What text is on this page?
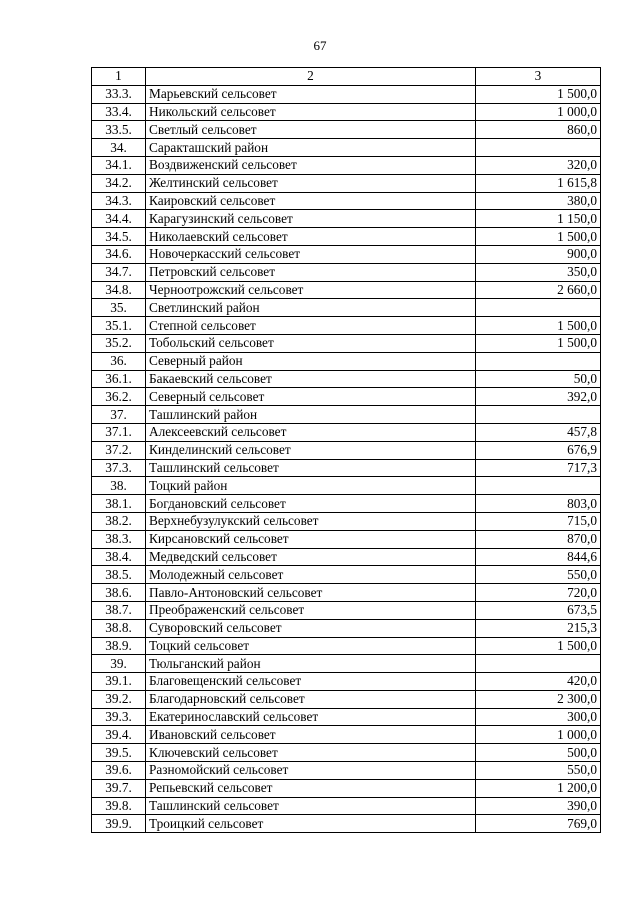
67
1	2	3
33.3.	Марьевский сельсовет	1 500,0
33.4.	Никольский сельсовет	1 000,0
33.5.	Светлый сельсовет	860,0
34.	Саракташский район	
34.1.	Воздвиженский сельсовет	320,0
34.2.	Желтинский сельсовет	1 615,8
34.3.	Каировский сельсовет	380,0
34.4.	Карагузинский сельсовет	1 150,0
34.5.	Николаевский сельсовет	1 500,0
34.6.	Новочеркасский сельсовет	900,0
34.7.	Петровский сельсовет	350,0
34.8.	Черноотрожский сельсовет	2 660,0
35.	Светлинский район	
35.1.	Степной сельсовет	1 500,0
35.2.	Тобольский сельсовет	1 500,0
36.	Северный район	
36.1.	Бакаевский сельсовет	50,0
36.2.	Северный сельсовет	392,0
37.	Ташлинский район	
37.1.	Алексеевский сельсовет	457,8
37.2.	Кинделинский сельсовет	676,9
37.3.	Ташлинский сельсовет	717,3
38.	Тоцкий район	
38.1.	Богдановский сельсовет	803,0
38.2.	Верхнебузулукский сельсовет	715,0
38.3.	Кирсановский сельсовет	870,0
38.4.	Медведский сельсовет	844,6
38.5.	Молодежный сельсовет	550,0
38.6.	Павло-Антоновский сельсовет	720,0
38.7.	Преображенский сельсовет	673,5
38.8.	Суворовский сельсовет	215,3
38.9.	Тоцкий сельсовет	1 500,0
39.	Тюльганский район	
39.1.	Благовещенский сельсовет	420,0
39.2.	Благодарновский сельсовет	2 300,0
39.3.	Екатеринославский сельсовет	300,0
39.4.	Ивановский сельсовет	1 000,0
39.5.	Ключевский сельсовет	500,0
39.6.	Разномойский сельсовет	550,0
39.7.	Репьевский сельсовет	1 200,0
39.8.	Ташлинский сельсовет	390,0
39.9.	Троицкий сельсовет	769,0
